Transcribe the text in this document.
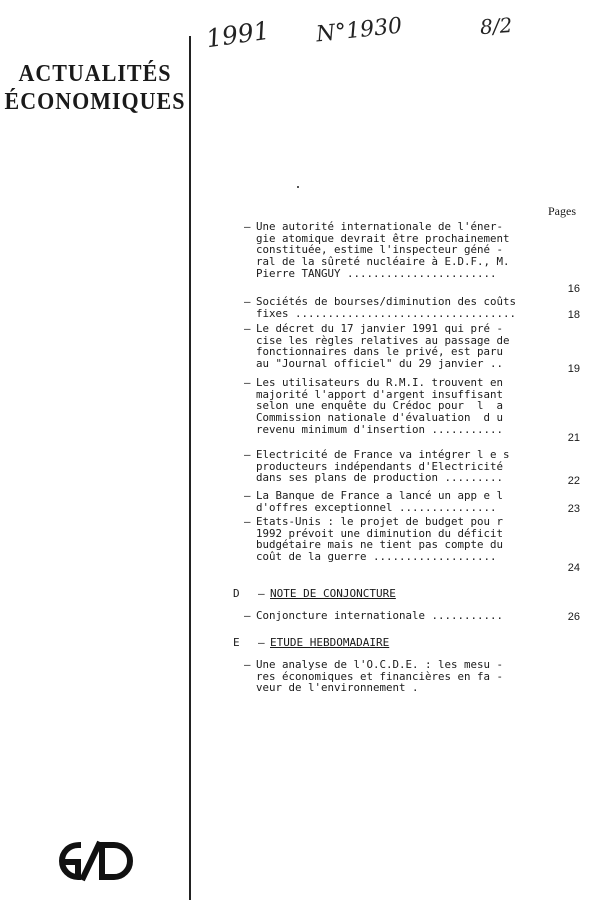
ACTUALITÉS
ÉCONOMIQUES
1991 N°1930	8/2
Pages
– Une autorité internationale de l'éner-
gie atomique devrait être prochainement
constituée, estime l'inspecteur géné -
ral de la sûreté nucléaire à E.D.F., M.
Pierre TANGUY .......................
16
– Sociétés de bourses/diminution des coûts
fixes ..................................	18
– Le décret du 17 janvier 1991 qui pré -
cise les règles relatives au passage de
fonctionnaires dans le privé, est paru
au "Journal officiel" du 29 janvier ..	19
– Les utilisateurs du R.M.I. trouvent en
majorité l'apport d'argent insuffisant
selon une enquête du Crédoc pour  l  a
Commission nationale d'évaluation  d u
revenu minimum d'insertion ...........
21
– Electricité de France va intégrer l e s
producteurs indépendants d'Electricité
dans ses plans de production .........	22
– La Banque de France a lancé un app e l
d'offres exceptionnel ...............	23
– Etats-Unis : le projet de budget pou r
1992 prévoit une diminution du déficit
budgétaire mais ne tient pas compte du
coût de la guerre ...................
24
D – NOTE DE CONJONCTURE
– Conjoncture internationale ...........	26
E – ETUDE HEBDOMADAIRE
– Une analyse de l'O.C.D.E. : les mesu -
res économiques et financières en fa -
veur de l'environnement .
